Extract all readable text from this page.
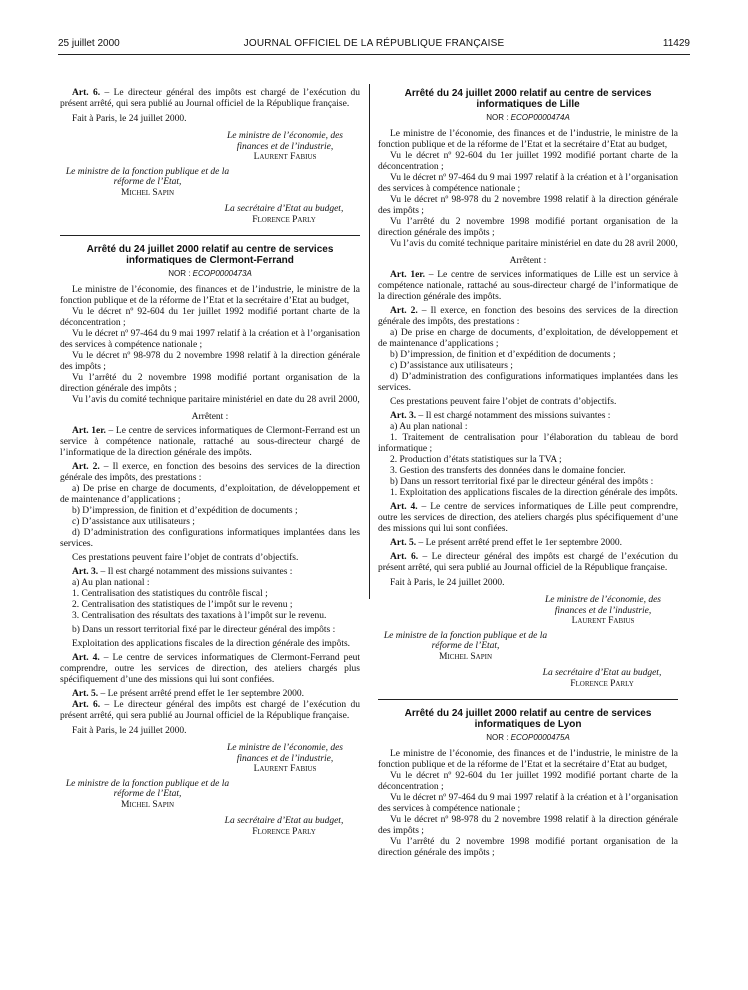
25 juillet 2000	JOURNAL OFFICIEL DE LA RÉPUBLIQUE FRANÇAISE	11429

Art. 6. – Le directeur général des impôts est chargé de l’exécution du présent arrêté, qui sera publié au Journal officiel de la République française.

Fait à Paris, le 24 juillet 2000.

Le ministre de l’économie, des finances et de l’industrie,
Laurent Fabius
Le ministre de la fonction publique et de la réforme de l’Etat,
Michel Sapin
La secrétaire d’Etat au budget,
Florence Parly
Arrêté du 24 juillet 2000 relatif au centre de services informatiques de Clermont-Ferrand
NOR : ECOP0000473A

Le ministre de l’économie, des finances et de l’industrie, le ministre de la fonction publique et de la réforme de l’Etat et la secrétaire d’Etat au budget,

Vu le décret nº 92-604 du 1er juillet 1992 modifié portant charte de la déconcentration ;

Vu le décret nº 97-464 du 9 mai 1997 relatif à la création et à l’organisation des services à compétence nationale ;

Vu le décret nº 98-978 du 2 novembre 1998 relatif à la direction générale des impôts ;

Vu l’arrêté du 2 novembre 1998 modifié portant organisation de la direction générale des impôts ;

Vu l’avis du comité technique paritaire ministériel en date du 28 avril 2000,

Arrêtent :

Art. 1er. – Le centre de services informatiques de Clermont-Ferrand est un service à compétence nationale, rattaché au sous-directeur chargé de l’informatique de la direction générale des impôts.

Art. 2. – Il exerce, en fonction des besoins des services de la direction générale des impôts, des prestations :

a) De prise en charge de documents, d’exploitation, de développement et de maintenance d’applications ;

b) D’impression, de finition et d’expédition de documents ;

c) D’assistance aux utilisateurs ;

d) D’administration des configurations informatiques implantées dans les services.

Ces prestations peuvent faire l’objet de contrats d’objectifs.

Art. 3. – Il est chargé notamment des missions suivantes :

a) Au plan national :

1. Centralisation des statistiques du contrôle fiscal ;

2. Centralisation des statistiques de l’impôt sur le revenu ;

3. Centralisation des résultats des taxations à l’impôt sur le revenu.

b) Dans un ressort territorial fixé par le directeur général des impôts :

Exploitation des applications fiscales de la direction générale des impôts.

Art. 4. – Le centre de services informatiques de Clermont-Ferrand peut comprendre, outre les services de direction, des ateliers chargés plus spécifiquement d’une des missions qui lui sont confiées.

Art. 5. – Le présent arrêté prend effet le 1er septembre 2000.

Art. 6. – Le directeur général des impôts est chargé de l’exécution du présent arrêté, qui sera publié au Journal officiel de la République française.

Fait à Paris, le 24 juillet 2000.

Le ministre de l’économie, des finances et de l’industrie,
Laurent Fabius
Le ministre de la fonction publique et de la réforme de l’Etat,
Michel Sapin
La secrétaire d’Etat au budget,
Florence Parly
Arrêté du 24 juillet 2000 relatif au centre de services informatiques de Lille
NOR : ECOP0000474A

Le ministre de l’économie, des finances et de l’industrie, le ministre de la fonction publique et de la réforme de l’Etat et la secrétaire d’Etat au budget,

Vu le décret nº 92-604 du 1er juillet 1992 modifié portant charte de la déconcentration ;

Vu le décret nº 97-464 du 9 mai 1997 relatif à la création et à l’organisation des services à compétence nationale ;

Vu le décret nº 98-978 du 2 novembre 1998 relatif à la direction générale des impôts ;

Vu l’arrêté du 2 novembre 1998 modifié portant organisation de la direction générale des impôts ;

Vu l’avis du comité technique paritaire ministériel en date du 28 avril 2000,

Arrêtent :

Art. 1er. – Le centre de services informatiques de Lille est un service à compétence nationale, rattaché au sous-directeur chargé de l’informatique de la direction générale des impôts.

Art. 2. – Il exerce, en fonction des besoins des services de la direction générale des impôts, des prestations :

a) De prise en charge de documents, d’exploitation, de développement et de maintenance d’applications ;

b) D’impression, de finition et d’expédition de documents ;

c) D’assistance aux utilisateurs ;

d) D’administration des configurations informatiques implantées dans les services.

Ces prestations peuvent faire l’objet de contrats d’objectifs.

Art. 3. – Il est chargé notamment des missions suivantes :

a) Au plan national :

1. Traitement de centralisation pour l’élaboration du tableau de bord informatique ;

2. Production d’états statistiques sur la TVA ;

3. Gestion des transferts des données dans le domaine foncier.

b) Dans un ressort territorial fixé par le directeur général des impôts :

1. Exploitation des applications fiscales de la direction générale des impôts.

Art. 4. – Le centre de services informatiques de Lille peut comprendre, outre les services de direction, des ateliers chargés plus spécifiquement d’une des missions qui lui sont confiées.

Art. 5. – Le présent arrêté prend effet le 1er septembre 2000.

Art. 6. – Le directeur général des impôts est chargé de l’exécution du présent arrêté, qui sera publié au Journal officiel de la République française.

Fait à Paris, le 24 juillet 2000.

Le ministre de l’économie, des finances et de l’industrie,
Laurent Fabius
Le ministre de la fonction publique et de la réforme de l’Etat,
Michel Sapin
La secrétaire d’Etat au budget,
Florence Parly
Arrêté du 24 juillet 2000 relatif au centre de services informatiques de Lyon
NOR : ECOP0000475A

Le ministre de l’économie, des finances et de l’industrie, le ministre de la fonction publique et de la réforme de l’Etat et la secrétaire d’Etat au budget,

Vu le décret nº 92-604 du 1er juillet 1992 modifié portant charte de la déconcentration ;

Vu le décret nº 97-464 du 9 mai 1997 relatif à la création et à l’organisation des services à compétence nationale ;

Vu le décret nº 98-978 du 2 novembre 1998 relatif à la direction générale des impôts ;

Vu l’arrêté du 2 novembre 1998 modifié portant organisation de la direction générale des impôts ;
